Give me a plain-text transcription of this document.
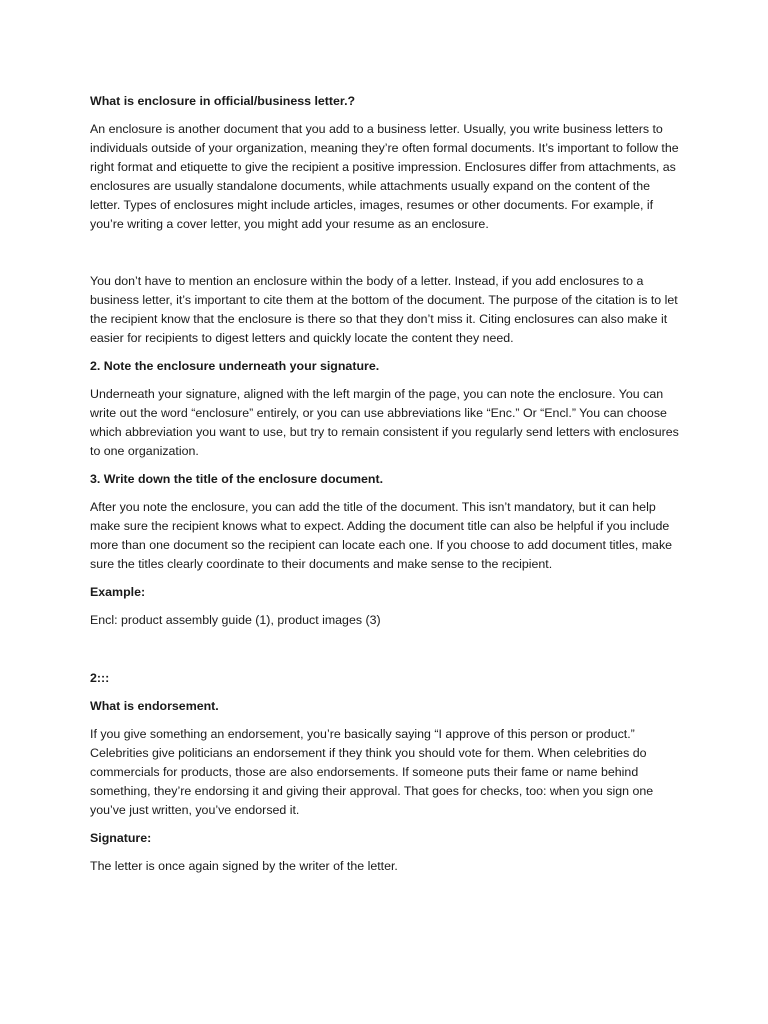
What is enclosure in official/business letter.?

An enclosure is another document that you add to a business letter. Usually, you write business letters to individuals outside of your organization, meaning they’re often formal documents. It’s important to follow the right format and etiquette to give the recipient a positive impression. Enclosures differ from attachments, as enclosures are usually standalone documents, while attachments usually expand on the content of the letter. Types of enclosures might include articles, images, resumes or other documents. For example, if you’re writing a cover letter, you might add your resume as an enclosure.

You don’t have to mention an enclosure within the body of a letter. Instead, if you add enclosures to a business letter, it’s important to cite them at the bottom of the document. The purpose of the citation is to let the recipient know that the enclosure is there so that they don’t miss it. Citing enclosures can also make it easier for recipients to digest letters and quickly locate the content they need.

2. Note the enclosure underneath your signature.

Underneath your signature, aligned with the left margin of the page, you can note the enclosure. You can write out the word “enclosure” entirely, or you can use abbreviations like “Enc.” Or “Encl.” You can choose which abbreviation you want to use, but try to remain consistent if you regularly send letters with enclosures to one organization.

3. Write down the title of the enclosure document.

After you note the enclosure, you can add the title of the document. This isn’t mandatory, but it can help make sure the recipient knows what to expect. Adding the document title can also be helpful if you include more than one document so the recipient can locate each one. If you choose to add document titles, make sure the titles clearly coordinate to their documents and make sense to the recipient.

Example:

Encl: product assembly guide (1), product images (3)

2:::

What is endorsement.

If you give something an endorsement, you’re basically saying “I approve of this person or product.” Celebrities give politicians an endorsement if they think you should vote for them. When celebrities do commercials for products, those are also endorsements. If someone puts their fame or name behind something, they’re endorsing it and giving their approval. That goes for checks, too: when you sign one you’ve just written, you’ve endorsed it.

Signature:

The letter is once again signed by the writer of the letter.
